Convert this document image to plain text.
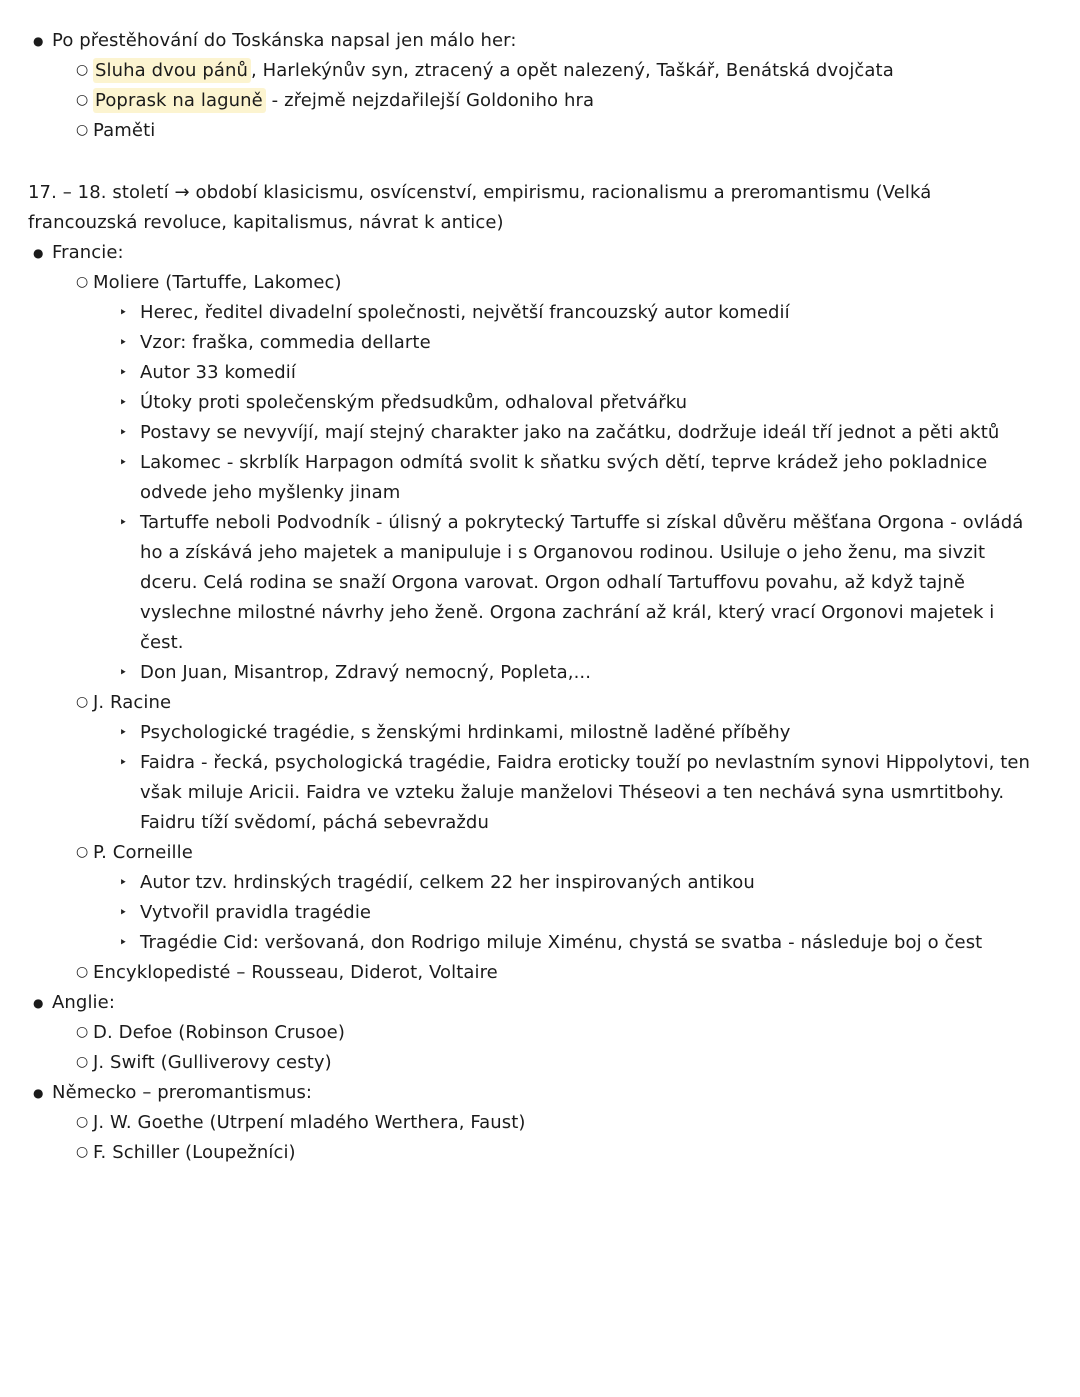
● Po přestěhování do Toskánska napsal jen málo her:
○ Sluha dvou pánů , Harlekýnův syn, ztracený a opět nalezený, Taškář, Benátská dvojčata
○ Poprask na laguně - zřejmě nejzdařilejší Goldoniho hra
○ Paměti
17. – 18. století → období klasicismu, osvícenství, empirismu, racionalismu a preromantismu (Velká francouzská revoluce, kapitalismus, návrat k antice)
● Francie:
○ Moliere (Tartuffe, Lakomec)
‣ Herec, ředitel divadelní společnosti, největší francouzský autor komedií
‣ Vzor: fraška, commedia dellarte
‣ Autor 33 komedií
‣ Útoky proti společenským předsudkům, odhaloval přetvářku
‣ Postavy se nevyvíjí, mají stejný charakter jako na začátku, dodržuje ideál tří jednot a pěti aktů
‣ Lakomec - skrblík Harpagon odmítá svolit k sňatku svých dětí, teprve krádež jeho pokladnice odvede jeho myšlenky jinam
‣ Tartuffe neboli Podvodník - úlisný a pokrytecký Tartuffe si získal důvěru měšťana Orgona - ovládá ho a získává jeho majetek a manipuluje i s Organovou rodinou. Usiluje o jeho ženu, ma sivzit dceru. Celá rodina se snaží Orgona varovat. Orgon odhalí Tartuffovu povahu, až když tajně vyslechne milostné návrhy jeho ženě. Orgona zachrání až král, který vrací Orgonovi majetek i čest.
‣ Don Juan, Misantrop, Zdravý nemocný, Popleta,...
○ J. Racine
‣ Psychologické tragédie, s ženskými hrdinkami, milostně laděné příběhy
‣ Faidra - řecká, psychologická tragédie, Faidra eroticky touží po nevlastním synovi Hippolytovi, ten však miluje Aricii. Faidra ve vzteku žaluje manželovi Théseovi a ten nechává syna usmrtitbohy. Faidru tíží svědomí, páchá sebevraždu
○ P. Corneille
‣ Autor tzv. hrdinských tragédií, celkem 22 her inspirovaných antikou
‣ Vytvořil pravidla tragédie
‣ Tragédie Cid: veršovaná, don Rodrigo miluje Ximénu, chystá se svatba - následuje boj o čest
○ Encyklopedisté – Rousseau, Diderot, Voltaire
● Anglie:
○ D. Defoe (Robinson Crusoe)
○ J. Swift (Gulliverovy cesty)
● Německo – preromantismus:
○ J. W. Goethe (Utrpení mladého Werthera, Faust)
○ F. Schiller (Loupežníci)
